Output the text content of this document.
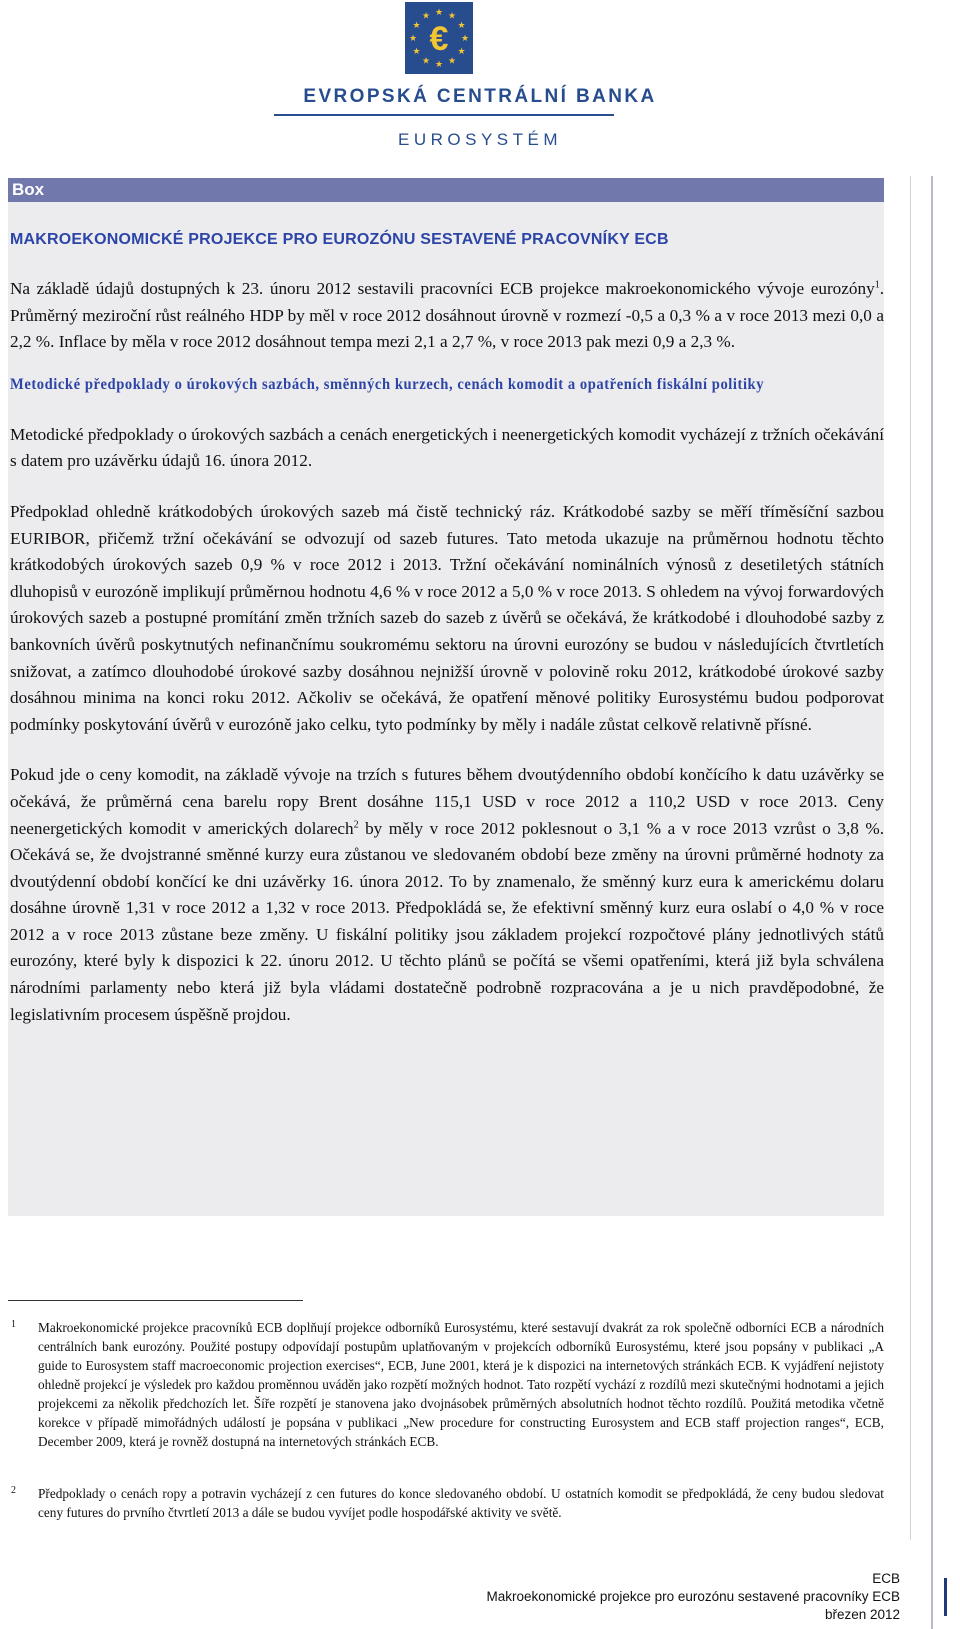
★ ★
★
★
★
★
★
★
★
★
★
★
€
EVROPSKÁ CENTRÁLNÍ BANKA
EUROSYSTÉM
Box
MAKROEKONOMICKÉ PROJEKCE PRO EUROZÓNU SESTAVENÉ PRACOVNÍKY ECB

Na základě údajů dostupných k 23. únoru 2012 sestavili pracovníci ECB projekce makroekonomického vývoje eurozóny$^1$. Průměrný meziroční růst reálného HDP by měl v roce 2012 dosáhnout úrovně v rozmezí -0,5 a 0,3 % a v roce 2013 mezi 0,0 a 2,2 %. Inflace by měla v roce 2012 dosáhnout tempa mezi 2,1 a 2,7 %, v roce 2013 pak mezi 0,9 a 2,3 %.

Metodické předpoklady o úrokových sazbách, směnných kurzech, cenách komodit a opatřeních fiskální politiky

Metodické předpoklady o úrokových sazbách a cenách energetických i neenergetických komodit vycházejí z tržních očekávání s datem pro uzávěrku údajů 16. února 2012.

Předpoklad ohledně krátkodobých úrokových sazeb má čistě technický ráz. Krátkodobé sazby se měří tříměsíční sazbou EURIBOR, přičemž tržní očekávání se odvozují od sazeb futures. Tato metoda ukazuje na průměrnou hodnotu těchto krátkodobých úrokových sazeb 0,9 % v roce 2012 i 2013. Tržní očekávání nominálních výnosů z desetiletých státních dluhopisů v eurozóně implikují průměrnou hodnotu 4,6 % v roce 2012 a 5,0 % v roce 2013. S ohledem na vývoj forwardových úrokových sazeb a postupné promítání změn tržních sazeb do sazeb z úvěrů se očekává, že krátkodobé i dlouhodobé sazby z bankovních úvěrů poskytnutých nefinančnímu soukromému sektoru na úrovni eurozóny se budou v následujících čtvrtletích snižovat, a zatímco dlouhodobé úrokové sazby dosáhnou nejnižší úrovně v polovině roku 2012, krátkodobé úrokové sazby dosáhnou minima na konci roku 2012. Ačkoliv se očekává, že opatření měnové politiky Eurosystému budou podporovat podmínky poskytování úvěrů v eurozóně jako celku, tyto podmínky by měly i nadále zůstat celkově relativně přísné.

Pokud jde o ceny komodit, na základě vývoje na trzích s futures během dvoutýdenního období končícího k datu uzávěrky se očekává, že průměrná cena barelu ropy Brent dosáhne 115,1 USD v roce 2012 a 110,2 USD v roce 2013. Ceny neenergetických komodit v amerických dolarech$^2$ by měly v roce 2012 poklesnout o 3,1 % a v roce 2013 vzrůst o 3,8 %. Očekává se, že dvojstranné směnné kurzy eura zůstanou ve sledovaném období beze změny na úrovni průměrné hodnoty za dvoutýdenní období končící ke dni uzávěrky 16. února 2012. To by znamenalo, že směnný kurz eura k americkému dolaru dosáhne úrovně 1,31 v roce 2012 a 1,32 v roce 2013. Předpokládá se, že efektivní směnný kurz eura oslabí o 4,0 % v roce 2012 a v roce 2013 zůstane beze změny. U fiskální politiky jsou základem projekcí rozpočtové plány jednotlivých států eurozóny, které byly k dispozici k 22. únoru 2012. U těchto plánů se počítá se všemi opatřeními, která již byla schválena národními parlamenty nebo která již byla vládami dostatečně podrobně rozpracována a je u nich pravděpodobné, že legislativním procesem úspěšně projdou.

1 Makroekonomické projekce pracovníků ECB doplňují projekce odborníků Eurosystému, které sestavují dvakrát za rok společně odborníci ECB a národních centrálních bank eurozóny. Použité postupy odpovídají postupům uplatňovaným v projekcích odborníků Eurosystému, které jsou popsány v publikaci „A guide to Eurosystem staff macroeconomic projection exercises“, ECB, June 2001, která je k dispozici na internetových stránkách ECB. K vyjádření nejistoty ohledně projekcí je výsledek pro každou proměnnou uváděn jako rozpětí možných hodnot. Tato rozpětí vychází z rozdílů mezi skutečnými hodnotami a jejich projekcemi za několik předchozích let. Šíře rozpětí je stanovena jako dvojnásobek průměrných absolutních hodnot těchto rozdílů. Použitá metodika včetně korekce v případě mimořádných událostí je popsána v publikaci „New procedure for constructing Eurosystem and ECB staff projection ranges“, ECB, December 2009, která je rovněž dostupná na internetových stránkách ECB.
2 Předpoklady o cenách ropy a potravin vycházejí z cen futures do konce sledovaného období. U ostatních komodit se předpokládá, že ceny budou sledovat ceny futures do prvního čtvrtletí 2013 a dále se budou vyvíjet podle hospodářské aktivity ve světě.
ECB
Makroekonomické projekce pro eurozónu sestavené pracovníky ECB
březen 2012
